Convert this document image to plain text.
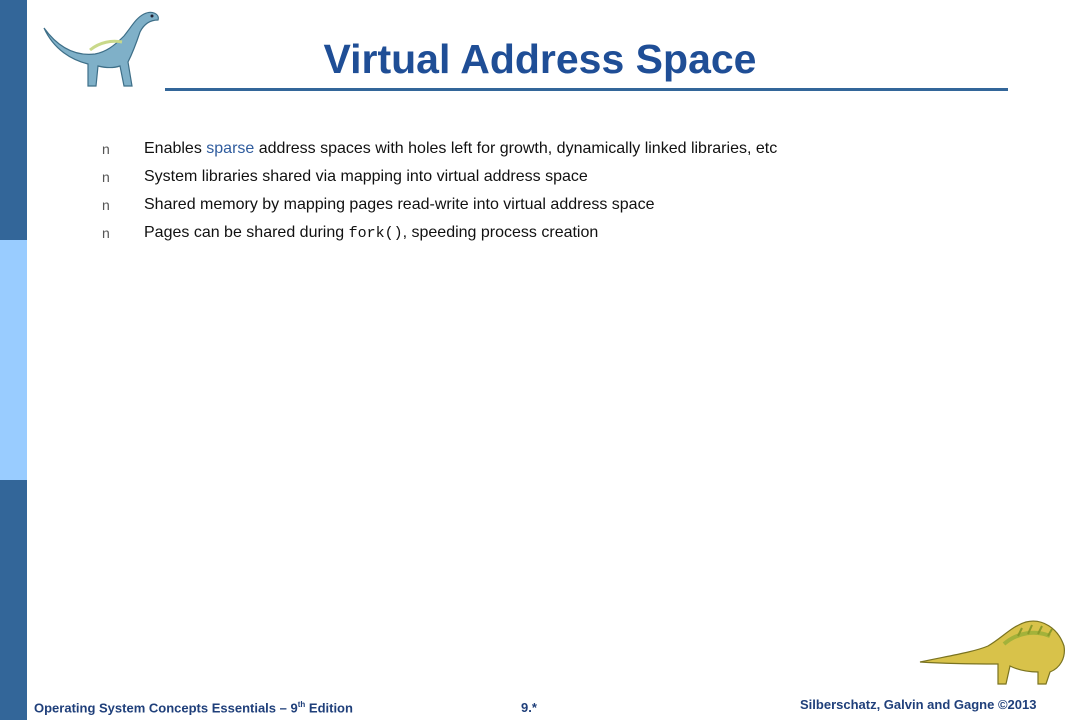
Virtual Address Space
n	Enables sparse address spaces with holes left for growth, dynamically linked libraries, etc
n	System libraries shared via mapping into virtual address space
n	Shared memory by mapping pages read-write into virtual address space
n	Pages can be shared during fork(), speeding process creation
Operating System Concepts Essentials – 9th Edition	9.*	Silberschatz, Galvin and Gagne ©2013
